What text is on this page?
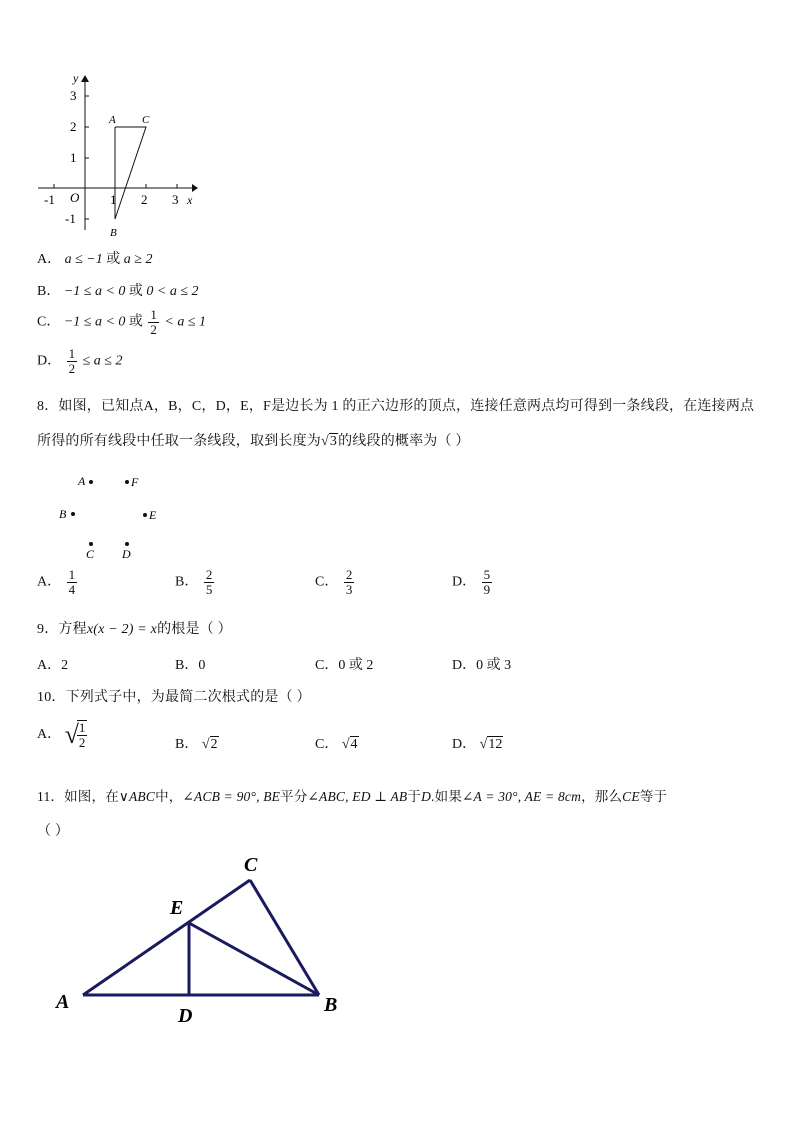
y
x
O
-1	1 2 3
3
2
1
-1
A C
B
A． a ≤ −1 或 a ≥ 2
B． −1 ≤ a < 0 或 0 < a ≤ 2
C． −1 ≤ a < 0 或 $\frac{1}{2} < a \le 1$
D． $\frac{1}{2} \le a \le 2$
8．如图，已知点A，B，C，D，E，F是边长为 1 的正六边形的顶点，连接任意两点均可得到一条线段，在连接两点
所得的所有线段中任取一条线段，取到长度为√3的线段的概率为（ ）
A	F
B	E
C D
A． $\frac{1}{4}$	B． $\frac{2}{5}$	C． $\frac{2}{3}$	D． $\frac{5}{9}$
9．方程x(x − 2) = x的根是（ ）
A．2	B．0	C．0 或 2	D．0 或 3
10．下列式子中，为最简二次根式的是（ ）
A． √
$\frac{1}{2}$	B． √2	C． √4	D． √12
11．如图，在∨ABC中，∠ACB = 90°, BE平分∠ABC, ED ⊥ AB于D.如果∠A = 30°, AE = 8cm，那么CE等于
（ ）
A	B
C
D
E
